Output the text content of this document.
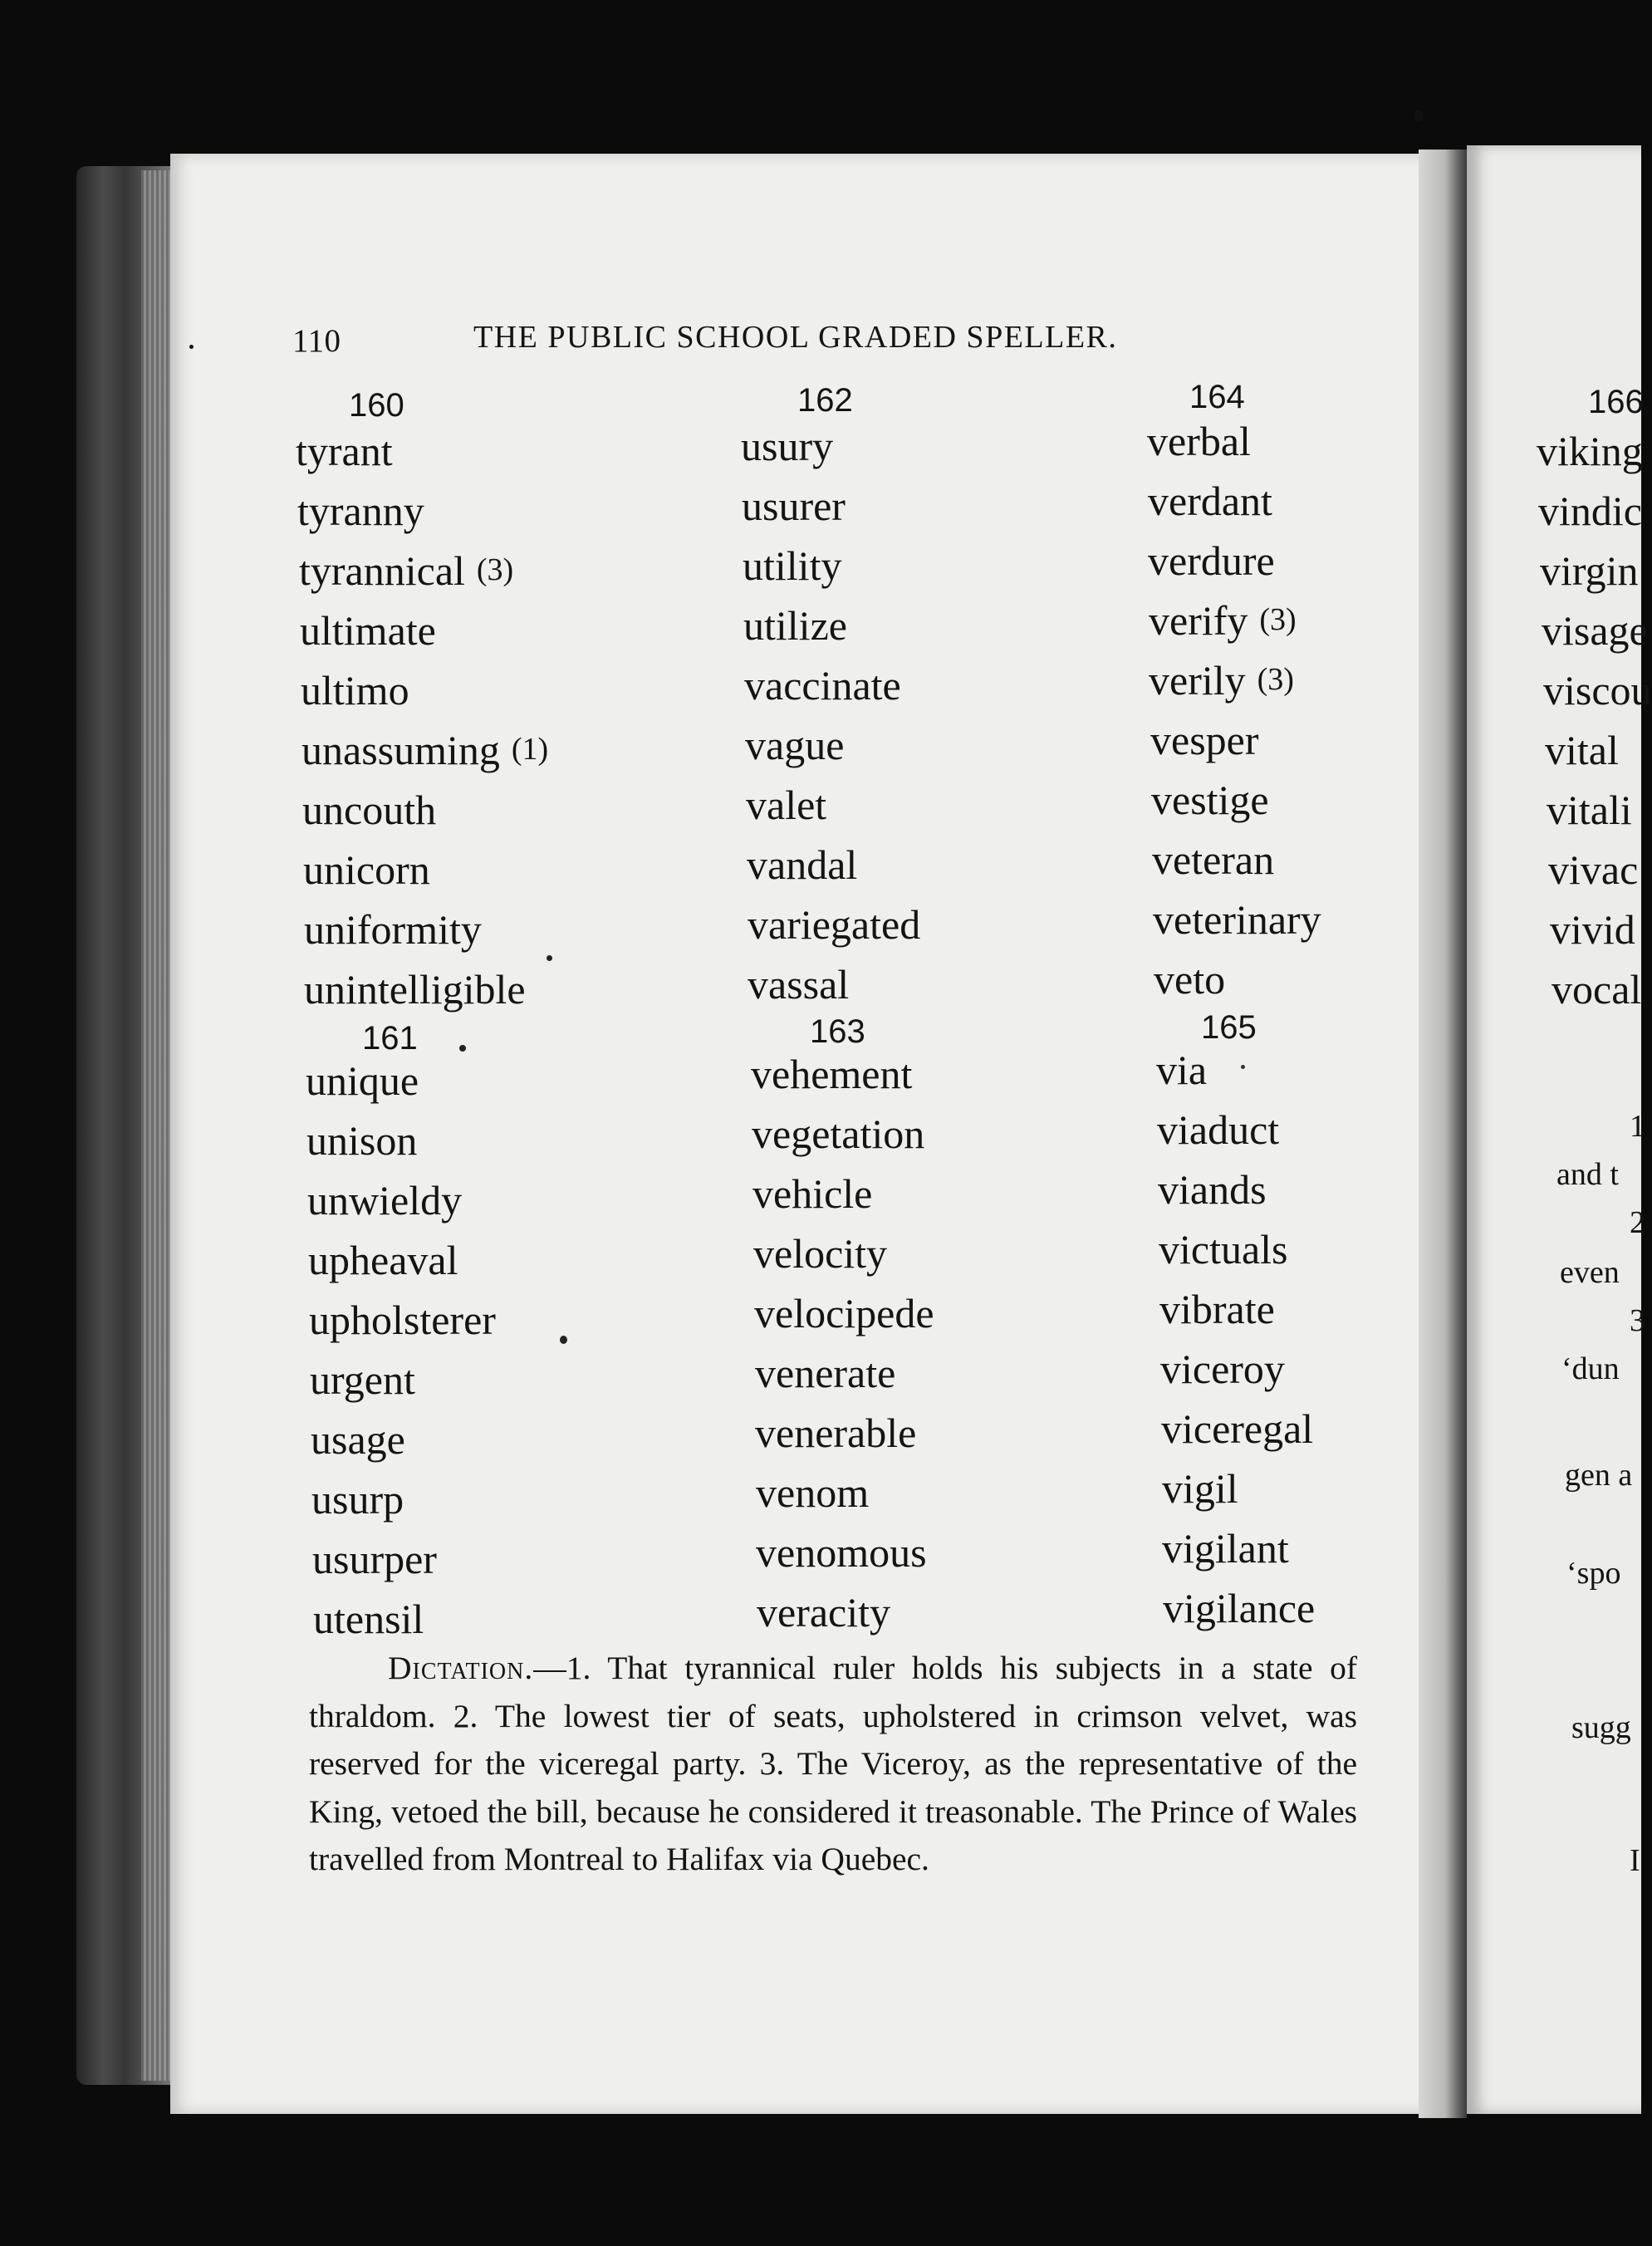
110	THE PUBLIC SCHOOL GRADED SPELLER.
160
tyrant
tyranny
tyrannical (3)
ultimate
ultimo
unassuming (1)
uncouth
unicorn
uniformity
unintelligible
161
unique
unison
unwieldy
upheaval
upholsterer
urgent
usage
usurp
usurper
utensil
162
usury
usurer
utility
utilize
vaccinate
vague
valet
vandal
variegated
vassal
163
vehement
vegetation
vehicle
velocity
velocipede
venerate
venerable
venom
venomous
veracity
164
verbal
verdant
verdure
verify (3)
verily (3)
vesper
vestige
veteran
veterinary
veto
165
via
viaduct
viands
victuals
vibrate
viceroy
viceregal
vigil
vigilant
vigilance
Dictation.—1. That tyrannical ruler holds his subjects in a state of thraldom. 2. The lowest tier of seats, upholstered in crimson velvet, was reserved for the viceregal party. 3. The Viceroy, as the representative of the King, vetoed the bill, because he considered it treasonable. The Prince of Wales travelled from Montreal to Halifax via Quebec.
166
viking
vindic
virgin
visage
viscou
vital
vitali
vivac
vivid
vocal
1
and t
2
even
3
‘dun
gen a
‘spo
sugg
I
